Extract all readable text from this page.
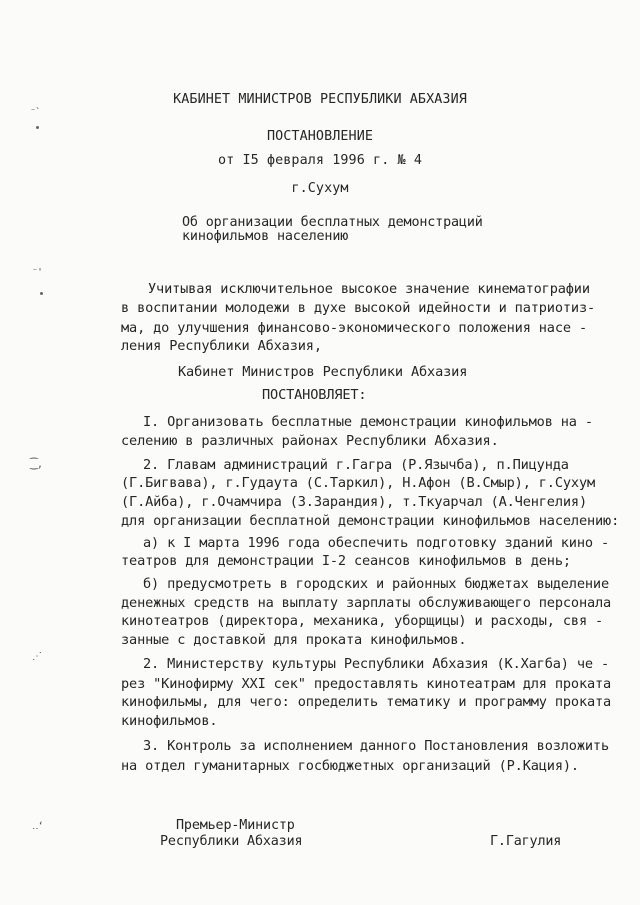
⁻`
⁻'
⁐‚
⋰
‥‘
КАБИНЕТ МИНИСТРОВ РЕСПУБЛИКИ АБХАЗИЯ
ПОСТАНОВЛЕНИЕ
от I5 февраля 1996 г. № 4
г.Сухум
Об организации бесплатных демонстраций
кинофильмов населению
Учитывая исключительное высокое значение кинематографии
в воспитании молодежи в духе высокой идейности и патриотиз-
ма, до улучшения финансово-экономического положения насе -
ления Республики Абхазия,
Кабинет Министров Республики Абхазия
ПОСТАНОВЛЯЕТ:
I. Организовать бесплатные демонстрации кинофильмов на -
селению в различных районах Республики Абхазия.
2. Главам администраций г.Гагра (Р.Язычба), п.Пицунда
(Г.Бигвава), г.Гудаута (С.Таркил), Н.Афон (В.Смыр), г.Сухум
(Г.Айба), г.Очамчира (З.Зарандия), т.Ткуарчал (А.Ченгелия)
для организации бесплатной демонстрации кинофильмов населению:
а) к I марта 1996 года обеспечить подготовку зданий кино -
театров для демонстрации I-2 сеансов кинофильмов в день;
б) предусмотреть в городских и районных бюджетах выделение
денежных средств на выплату зарплаты обслуживающего персонала
кинотеатров (директора, механика, уборщицы) и расходы, свя -
занные с доставкой для проката кинофильмов.
2. Министерству культуры Республики Абхазия (К.Хагба) че -
рез "Кинофирму XXI сек" предоставлять кинотеатрам для проката
кинофильмы, для чего: определить тематику и программу проката
кинофильмов.
3. Контроль за исполнением данного Постановления возложить
на отдел гуманитарных госбюджетных организаций (Р.Кация).
Премьер-Министр
Республики Абхазия	Г.Гагулия
